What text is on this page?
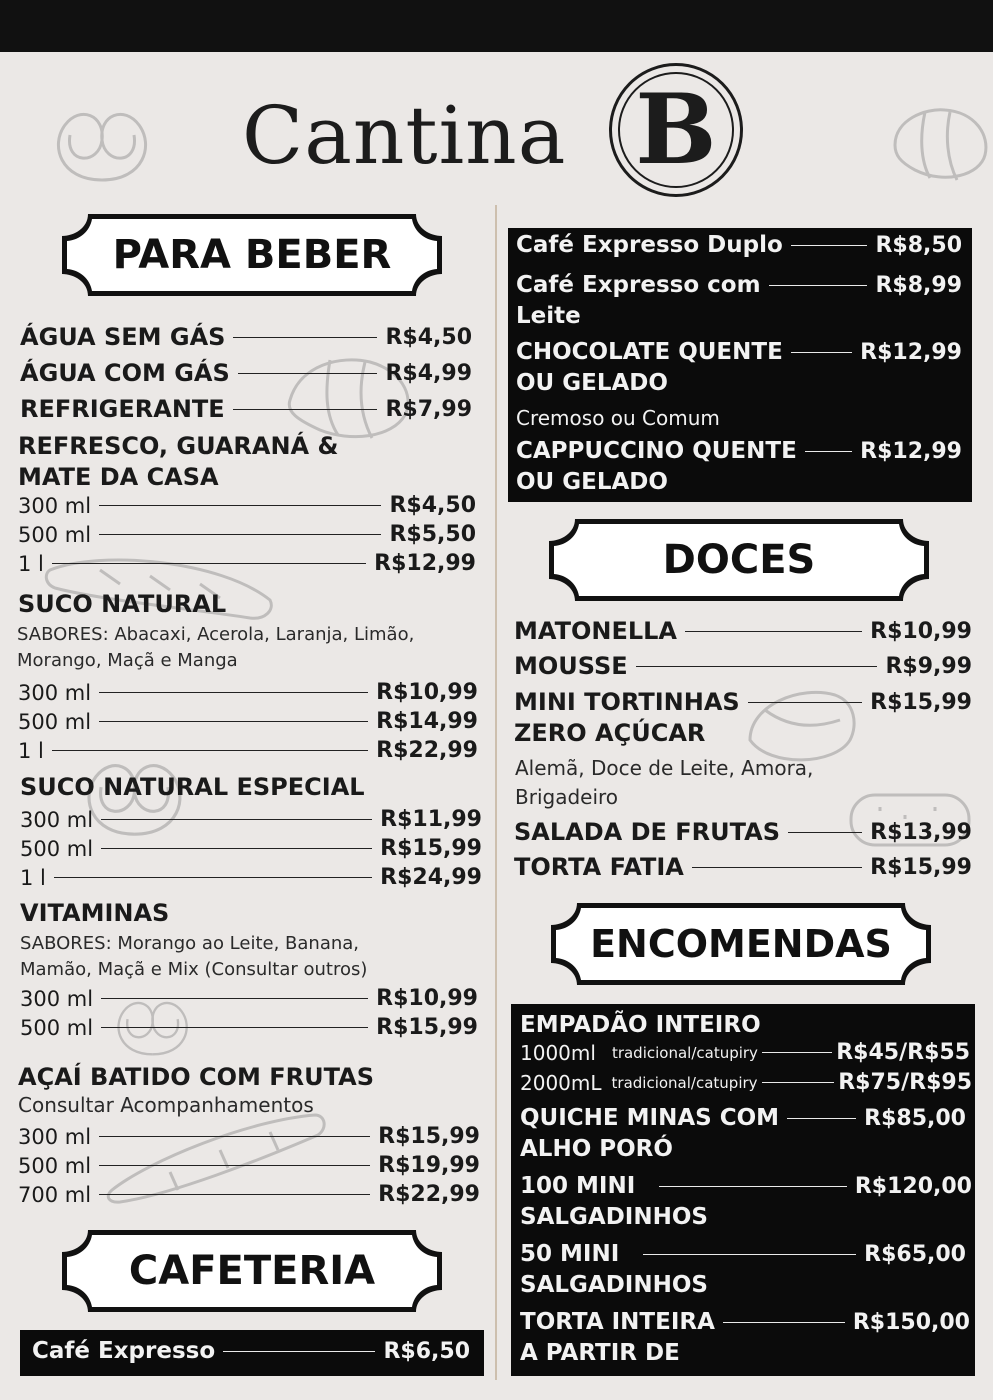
Cantina B
PARA BEBER
ÁGUA SEM GÁS	R$4,50
ÁGUA COM GÁS	R$4,99
REFRIGERANTE	R$7,99
REFRESCO, GUARANÁ &
MATE DA CASA
300 ml	R$4,50
500 ml	R$5,50
1 l	R$12,99
SUCO NATURAL
SABORES: Abacaxi, Acerola, Laranja, Limão,
Morango, Maçã e Manga
300 ml	R$10,99
500 ml	R$14,99
1 l	R$22,99
SUCO NATURAL ESPECIAL
300 ml	R$11,99
500 ml	R$15,99
1 l	R$24,99
VITAMINAS
SABORES: Morango ao Leite, Banana,
Mamão, Maçã e Mix (Consultar outros)
300 ml	R$10,99
500 ml	R$15,99
AÇAÍ BATIDO COM FRUTAS
Consultar Acompanhamentos
300 ml	R$15,99
500 ml	R$19,99
700 ml	R$22,99
CAFETERIA
Café Expresso	R$6,50
Café Expresso Duplo	R$8,50
Café Expresso com	R$8,99
Leite
CHOCOLATE QUENTE	R$12,99
OU GELADO
Cremoso ou Comum
CAPPUCCINO QUENTE	R$12,99
OU GELADO
DOCES
MATONELLA	R$10,99
MOUSSE	R$9,99
MINI TORTINHAS	R$15,99
ZERO AÇÚCAR
Alemã, Doce de Leite, Amora,
Brigadeiro
SALADA DE FRUTAS	R$13,99
TORTA FATIA	R$15,99
ENCOMENDAS
EMPADÃO INTEIRO
1000ml tradicional/catupiry	R$45/R$55
2000mL tradicional/catupiry	R$75/R$95
QUICHE MINAS COM	R$85,00
ALHO PORÓ
100 MINI	R$120,00
SALGADINHOS
50 MINI	R$65,00
SALGADINHOS
TORTA INTEIRA	R$150,00
A PARTIR DE
